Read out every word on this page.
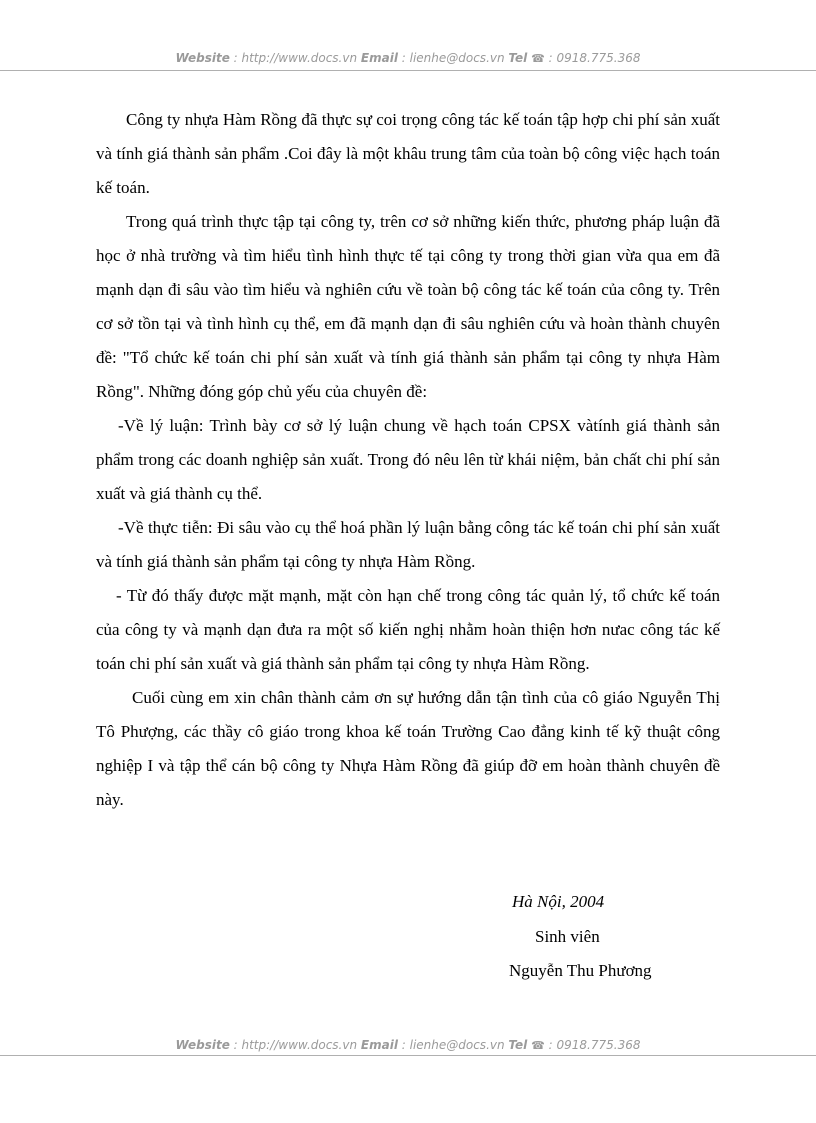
Website : http://www.docs.vn Email : lienhe@docs.vn Tel ☎ : 0918.775.368

Công ty nhựa Hàm Rồng đã thực sự coi trọng công tác kế toán tập hợp chi phí sản xuất và tính giá thành sản phẩm .Coi đây là một khâu trung tâm của toàn bộ công việc hạch toán kế toán.

Trong quá trình thực tập tại công ty, trên cơ sở những kiến thức, phương pháp luận đã học ở nhà trường và tìm hiểu tình hình thực tế tại công ty trong thời gian vừa qua em đã mạnh dạn đi sâu vào tìm hiểu và nghiên cứu về toàn bộ công tác kế toán của công ty. Trên cơ sở tồn tại và tình hình cụ thể, em đã mạnh dạn đi sâu nghiên cứu và hoàn thành chuyên đề: "Tổ chức kế toán chi phí sản xuất và tính giá thành sản phẩm tại công ty nhựa Hàm Rồng". Những đóng góp chủ yếu của chuyên đề:

-Về lý luận: Trình bày cơ sở lý luận chung về hạch toán CPSX vàtính giá thành sản phẩm trong các doanh nghiệp sản xuất. Trong đó nêu lên từ khái niệm, bản chất chi phí sản xuất và giá thành cụ thể.

-Về thực tiễn: Đi sâu vào cụ thể hoá phần lý luận bằng công tác kế toán chi phí sản xuất và tính giá thành sản phẩm tại công ty nhựa Hàm Rồng.

- Từ đó thấy được mặt mạnh, mặt còn hạn chế trong công tác quản lý, tổ chức kế toán của công ty và mạnh dạn đưa ra một số kiến nghị nhằm hoàn thiện hơn nưac công tác kế toán chi phí sản xuất và giá thành sản phẩm tại công ty nhựa Hàm Rồng.

Cuối cùng em xin chân thành cảm ơn sự hướng dẫn tận tình của cô giáo Nguyễn Thị Tô Phượng, các thầy cô giáo trong khoa kế toán Trường Cao đẳng kinh tế kỹ thuật công nghiệp I và tập thể cán bộ công ty Nhựa Hàm Rồng đã giúp đỡ em hoàn thành chuyên đề này.

Hà Nội, 2004
Sinh viên
Nguyễn Thu Phương
Website : http://www.docs.vn Email : lienhe@docs.vn Tel ☎ : 0918.775.368
